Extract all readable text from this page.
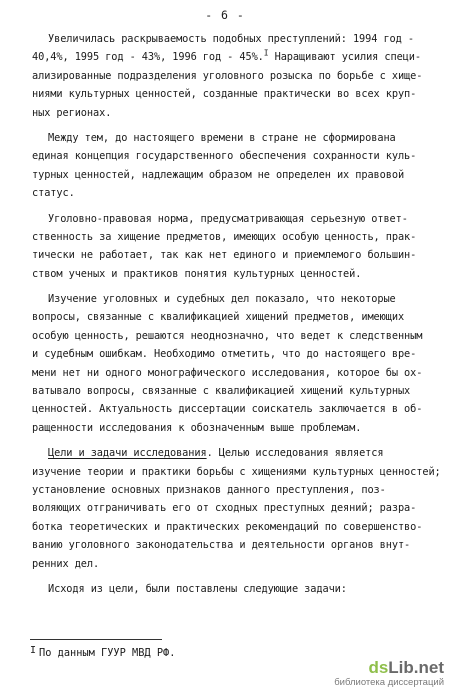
- 6 -
Увеличилась раскрываемость подобных преступлений: 1994 год -
40,4%, 1995 год - 43%, 1996 год - 45%.$^I$ Наращивают усилия специ-
ализированные подразделения уголовного розыска по борьбе с хище-
ниями культурных ценностей, созданные практически во всех круп-
ных регионах.
Между тем, до настоящего времени в стране не сформирована
единая концепция государственного обеспечения сохранности куль-
турных ценностей, надлежащим образом не определен их правовой
статус.
Уголовно-правовая норма, предусматривающая серьезную ответ-
ственность за хищение предметов, имеющих особую ценность, прак-
тически не работает, так как нет единого и приемлемого большин-
ством ученых и практиков понятия культурных ценностей.
Изучение уголовных и судебных дел показало, что некоторые
вопросы, связанные с квалификацией хищений предметов, имеющих
особую ценность, решаются неоднозначно, что ведет к следственным
и судебным ошибкам. Необходимо отметить, что до настоящего вре-
мени нет ни одного монографического исследования, которое бы ох-
ватывало вопросы, связанные с квалификацией хищений культурных
ценностей. Актуальность диссертации соискатель заключается в об-
ращенности исследования к обозначенным выше проблемам.
Цели и задачи исследования. Целью исследования является
изучение теории и практики борьбы с хищениями культурных ценностей;
установление основных признаков данного преступления, поз-
воляющих отграничивать его от сходных преступных деяний; разра-
ботка теоретических и практических рекомендаций по совершенство-
ванию уголовного законодательства и деятельности органов внут-
ренних дел.
Исходя из цели, были поставлены следующие задачи:
I По данным ГУУР МВД РФ.
dsLib.net
библиотека диссертаций
